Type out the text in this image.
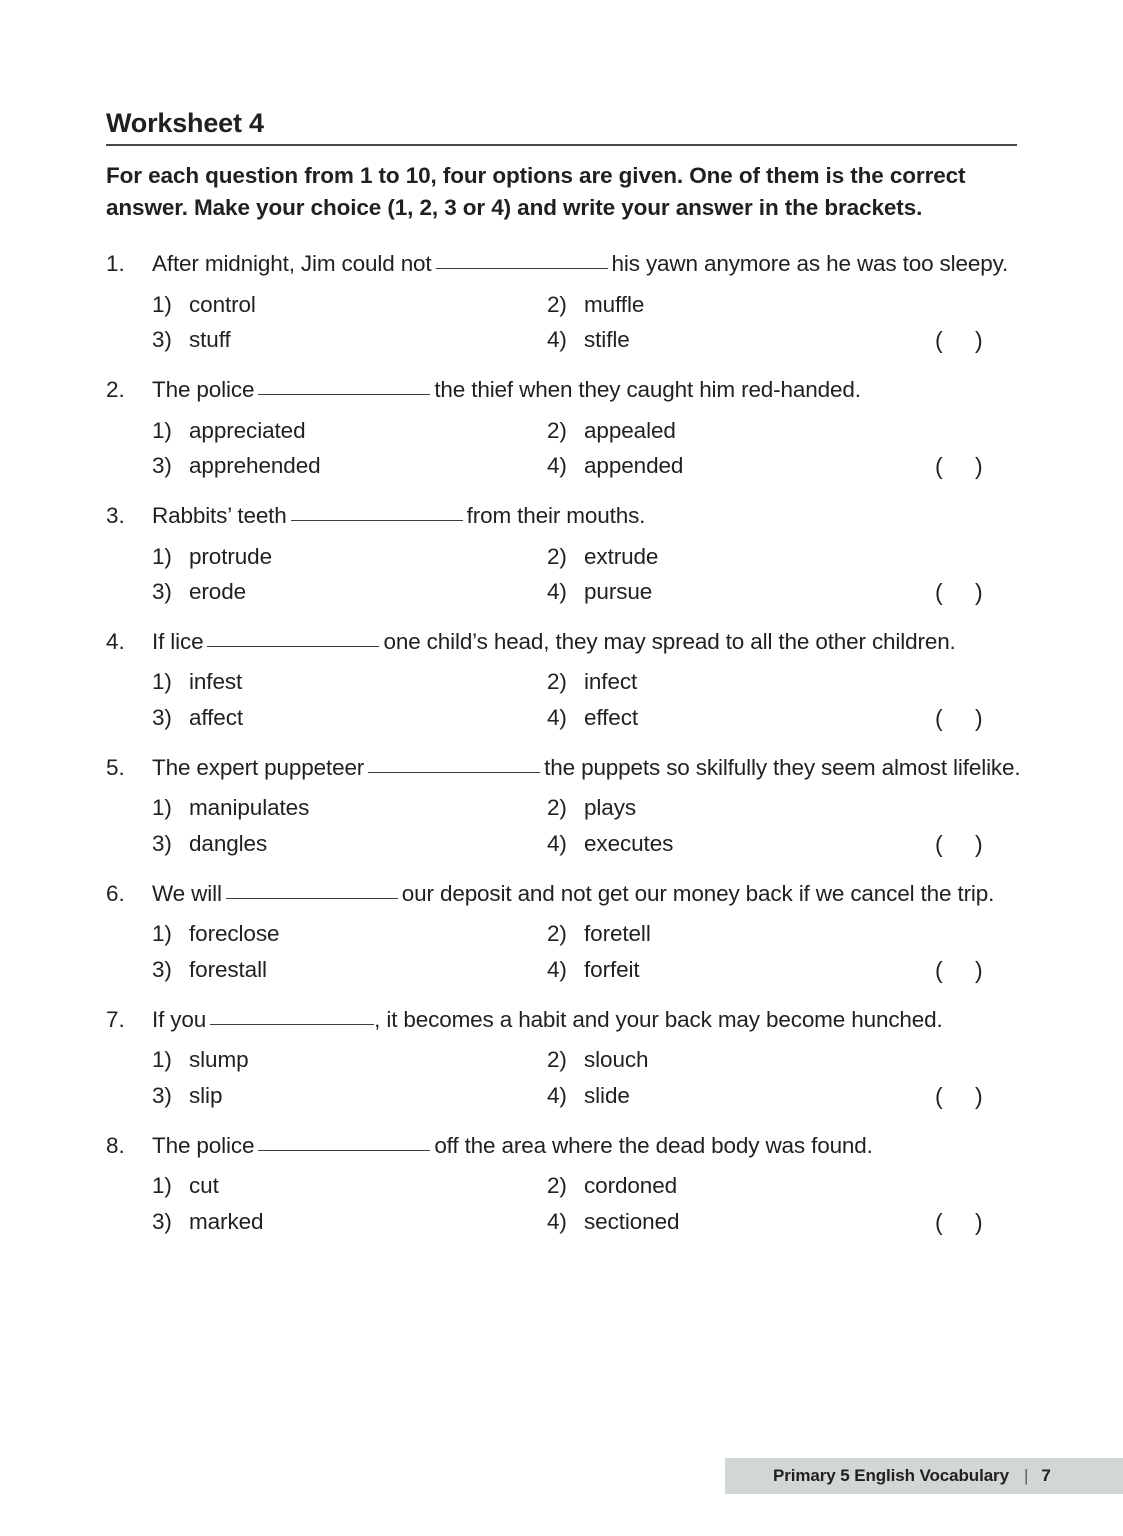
Worksheet 4
For each question from 1 to 10, four options are given. One of them is the correct answer. Make your choice (1, 2, 3 or 4) and write your answer in the brackets.
1.	After midnight, Jim could not	his yawn anymore as he was too sleepy.
1) control	2) muffle
3) stuff	4) stifle	(	)
2.	The police	the thief when they caught him red-handed.
1) appreciated	2) appealed
3) apprehended	4) appended	(	)
3.	Rabbits’ teeth	from their mouths.
1) protrude	2) extrude
3) erode	4) pursue	(	)
4.	If lice	one child’s head, they may spread to all the other children.
1) infest	2) infect
3) affect	4) effect	(	)
5.	The expert puppeteer	the puppets so skilfully they seem almost lifelike.
1) manipulates	2) plays
3) dangles	4) executes	(	)
6.	We will	our deposit and not get our money back if we cancel the trip.
1) foreclose	2) foretell
3) forestall	4) forfeit	(	)
7.	If you	, it becomes a habit and your back may become hunched.
1) slump	2) slouch
3) slip	4) slide	(	)
8.	The police	off the area where the dead body was found.
1) cut	2) cordoned
3) marked	4) sectioned	(	)
Primary 5 English Vocabulary | 7
